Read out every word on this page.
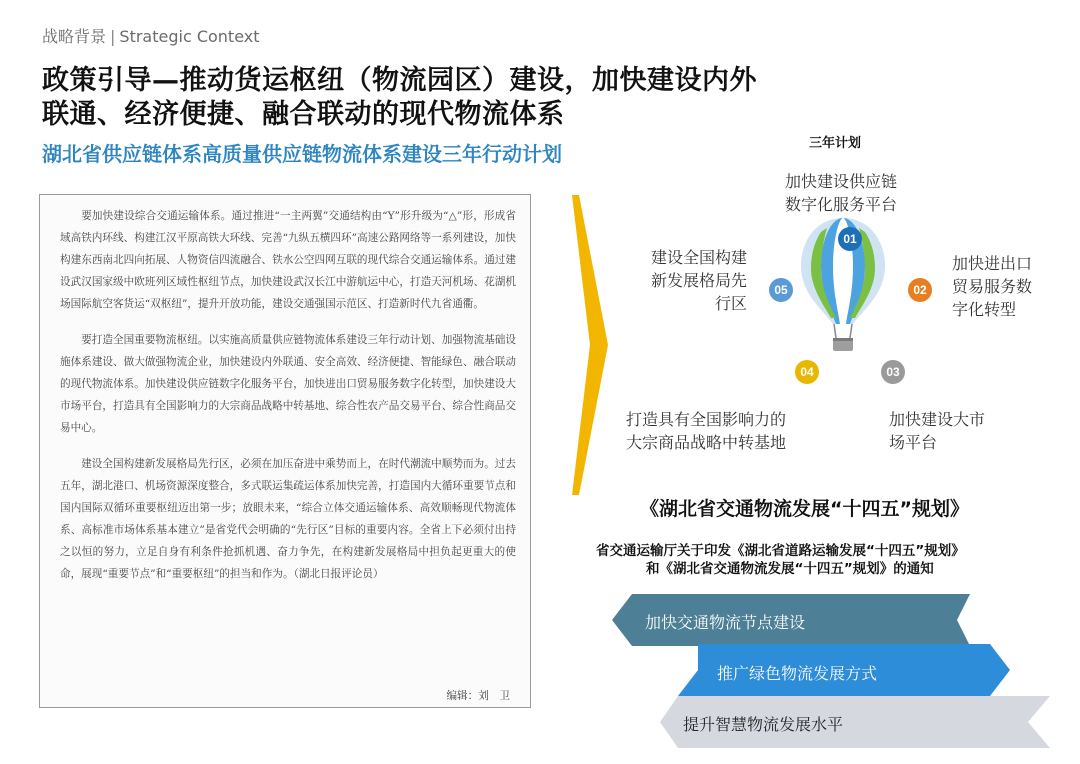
战略背景 | Strategic Context
政策引导—推动货运枢纽（物流园区）建设，加快建设内外
联通、经济便捷、融合联动的现代物流体系
湖北省供应链体系高质量供应链物流体系建设三年行动计划

要加快建设综合交通运输体系。通过推进“一主两翼”交通结构由“Y”形升级为“△”形，形成省域高铁内环线、构建江汉平原高铁大环线、完善“九纵五横四环”高速公路网络等一系列建设，加快构建东西南北四向拓展、人物资信四流融合、铁水公空四网互联的现代综合交通运输体系。通过建设武汉国家级中欧班列区域性枢纽节点，加快建设武汉长江中游航运中心，打造天河机场、花湖机场国际航空客货运“双枢纽”，提升开放功能，建设交通强国示范区、打造新时代九省通衢。

要打造全国重要物流枢纽。以实施高质量供应链物流体系建设三年行动计划、加强物流基础设施体系建设、做大做强物流企业，加快建设内外联通、安全高效、经济便捷、智能绿色、融合联动的现代物流体系。加快建设供应链数字化服务平台，加快进出口贸易服务数字化转型，加快建设大市场平台，打造具有全国影响力的大宗商品战略中转基地、综合性农产品交易平台、综合性商品交易中心。

建设全国构建新发展格局先行区，必须在加压奋进中乘势而上，在时代潮流中顺势而为。过去五年，湖北港口、机场资源深度整合，多式联运集疏运体系加快完善，打造国内大循环重要节点和国内国际双循环重要枢纽迈出第一步；放眼未来，“综合立体交通运输体系、高效顺畅现代物流体系、高标准市场体系基本建立”是省党代会明确的“先行区”目标的重要内容。全省上下必须付出持之以恒的努力，立足自身有利条件抢抓机遇、奋力争先，在构建新发展格局中担负起更重大的使命，展现“重要节点”和“重要枢纽”的担当和作为。（湖北日报评论员）

编辑：刘　卫
三年计划
01
02
03
04
05
加快建设供应链
数字化服务平台
加快进出口
贸易服务数
字化转型
加快建设大市
场平台
打造具有全国影响力的
大宗商品战略中转基地
建设全国构建
新发展格局先
行区
《湖北省交通物流发展“十四五”规划》
省交通运输厅关于印发《湖北省道路运输发展“十四五”规划》
和《湖北省交通物流发展“十四五”规划》的通知
加快交通物流节点建设
推广绿色物流发展方式
提升智慧物流发展水平
